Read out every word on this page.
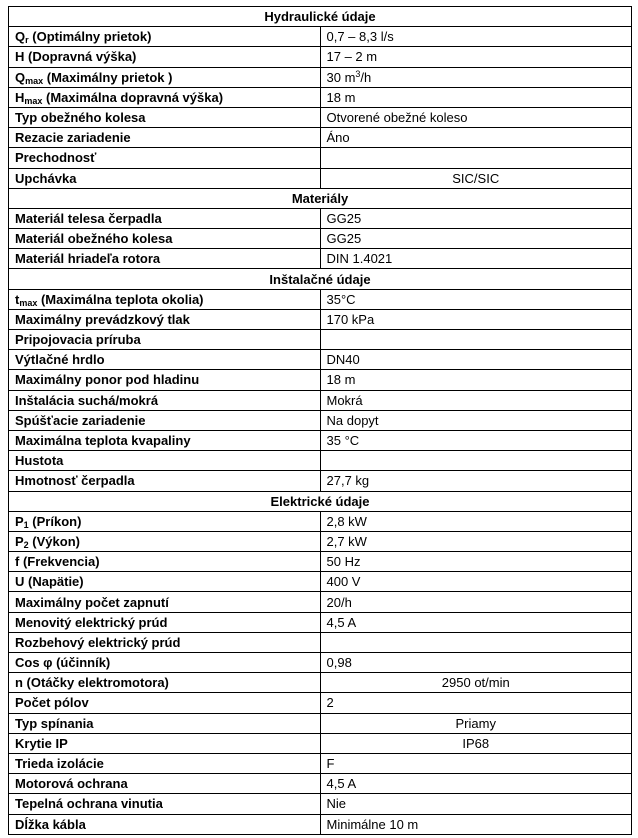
Hydraulické údaje	
$Q_r$ (Optimálny prietok)	0,7 – 8,3 l/s
H (Dopravná výška)	17 – 2 m
$Q_{max}$ (Maximálny prietok )	30 $m^3/h$
$H_{max}$ (Maximálna dopravná výška)	18 m
Typ obežného kolesa	Otvorené obežné koleso
Rezacie zariadenie	Áno
Prechodnosť	
Upchávka	SIC/SIC
Materiály	
Materiál telesa čerpadla	GG25
Materiál obežného kolesa	GG25
Materiál hriadeľa rotora	DIN 1.4021
Inštalačné údaje	
$t_{max}$ (Maximálna teplota okolia)	35°C
Maximálny prevádzkový tlak	170 kPa
Pripojovacia príruba	
Výtlačné hrdlo	DN40
Maximálny ponor pod hladinu	18 m
Inštalácia suchá/mokrá	Mokrá
Spúšťacie zariadenie	Na dopyt
Maximálna teplota kvapaliny	35 °C
Hustota	
Hmotnosť čerpadla	27,7 kg
Elektrické údaje	
$P_1$ (Príkon)	2,8 kW
$P_2$ (Výkon)	2,7 kW
f (Frekvencia)	50 Hz
U (Napätie)	400 V
Maximálny počet zapnutí	20/h
Menovitý elektrický prúd	4,5 A
Rozbehový elektrický prúd	
Cos φ (účinník)	0,98
n (Otáčky elektromotora)	2950 ot/min
Počet pólov	2
Typ spínania	Priamy
Krytie IP	IP68
Trieda izolácie	F
Motorová ochrana	4,5 A
Tepelná ochrana vinutia	Nie
Dĺžka kábla	Minimálne 10 m
